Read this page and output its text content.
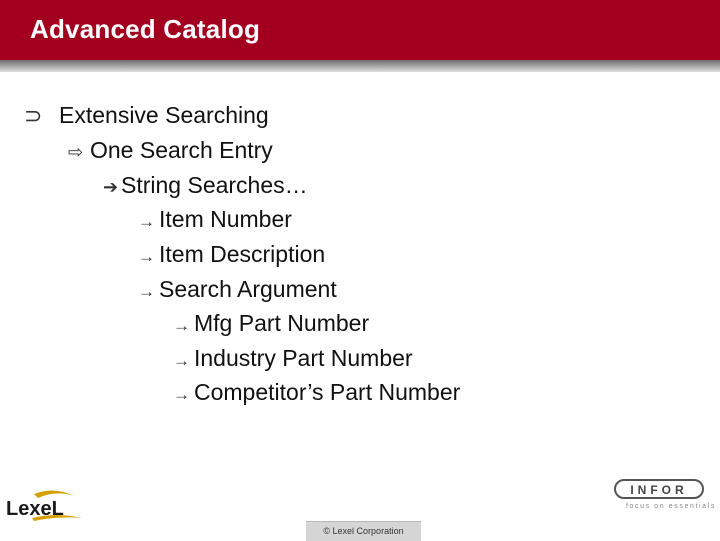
Advanced Catalog
⊃ Extensive Searching
⇨ One Search Entry
➔ String Searches…
→ Item Number
→ Item Description
→ Search Argument
→ Mfg Part Number
→ Industry Part Number
→ Competitor’s Part Number
LexeL
INFOR
focus on essentials
© Lexel Corporation
